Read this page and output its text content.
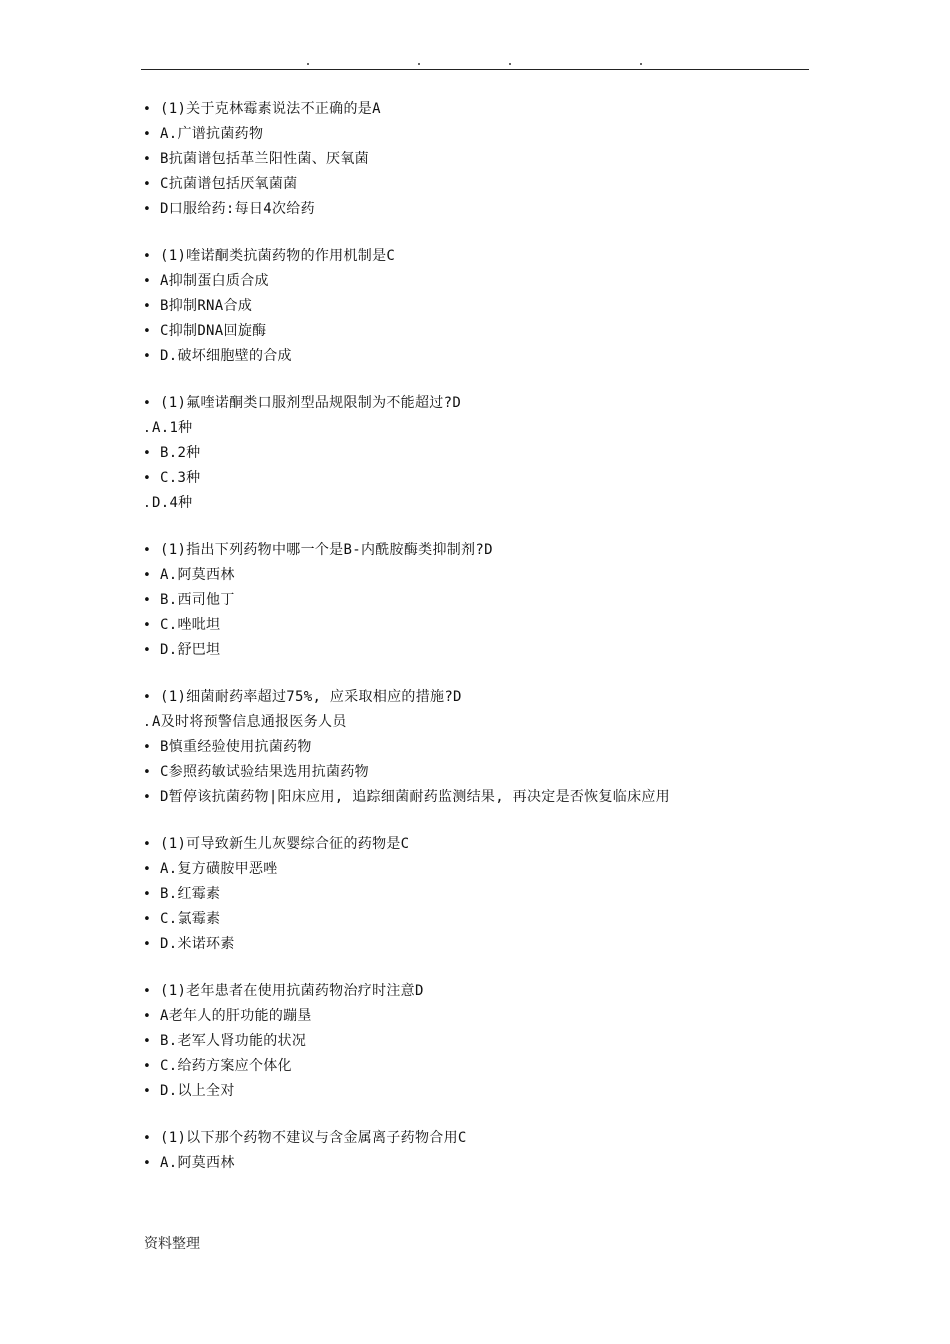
•
(1)关于克林霉素说法不正确的是A
•
A.广谱抗菌药物
•
B抗菌谱包括革兰阳性菌、厌氧菌
•
C抗菌谱包括厌氧菌菌
•
D口服给药:每日4次给药
•
(1)喹诺酮类抗菌药物的作用机制是C
•
A抑制蛋白质合成
•
B抑制RNA合成
•
C抑制DNA回旋酶
•
D.破坏细胞壁的合成
•
(1)氟喹诺酮类口服剂型品规限制为不能超过?D
.
A.1种
•
B.2种
•
C.3种
.
D.4种
•
(1)指出下列药物中哪一个是B-内酰胺酶类抑制剂?D
•
A.阿莫西林
•
B.西司他丁
•
C.唑吡坦
•
D.舒巴坦
•
(1)细菌耐药率超过75%, 应采取相应的措施?D
.
A及时将预警信息通报医务人员
•
B慎重经验使用抗菌药物
•
C参照药敏试验结果选用抗菌药物
•
D暂停该抗菌药物|阳床应用, 追踪细菌耐药监测结果, 再决定是否恢复临床应用
•
(1)可导致新生儿灰婴综合征的药物是C
•
A.复方磺胺甲恶唑
•
B.红霉素
•
C.氯霉素
•
D.米诺环素
•
(1)老年患者在使用抗菌药物治疗时注意D
•
A老年人的肝功能的蹦垦
•
B.老军人肾功能的状况
•
C.给药方案应个体化
•
D.以上全对
•
(1)以下那个药物不建议与含金属离子药物合用C
•
A.阿莫西林
资料整理
